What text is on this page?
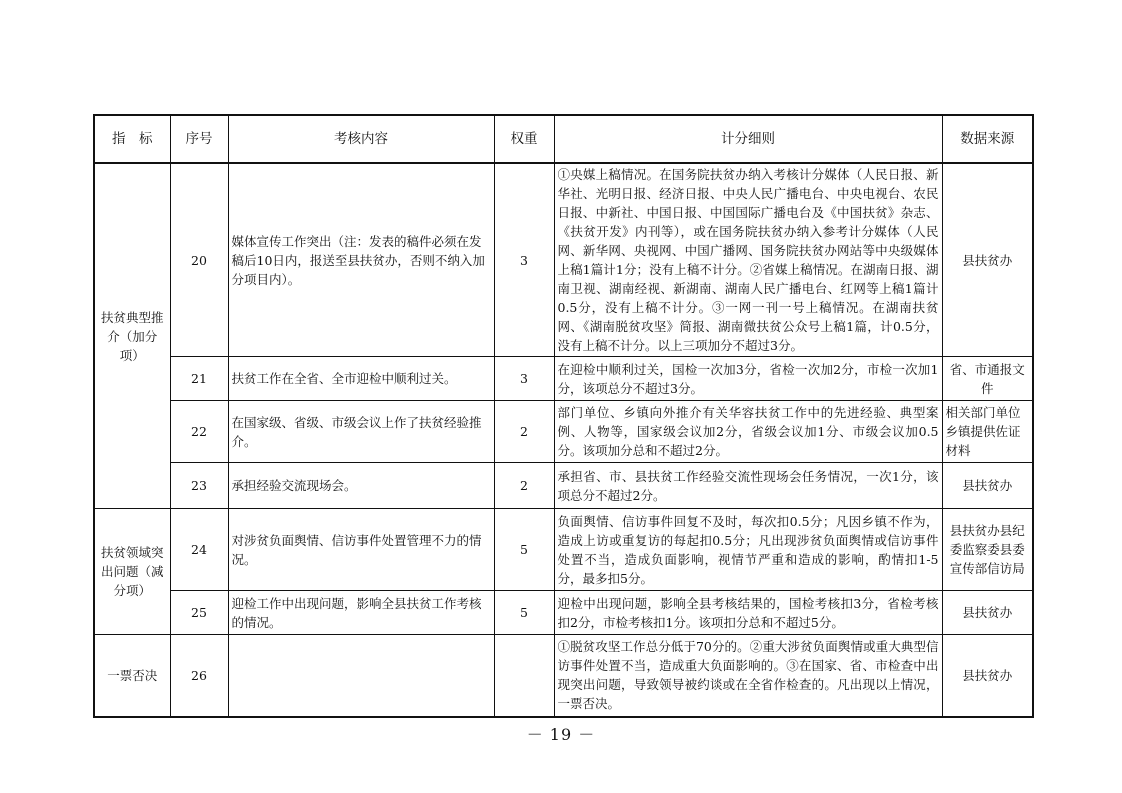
指　标	序号	考核内容	权重	计分细则	数据来源

扶贫典型推介（加分项）	20	媒体宣传工作突出（注：发表的稿件必须在发稿后10日内，报送至县扶贫办，否则不纳入加分项目内）。	3	①央媒上稿情况。在国务院扶贫办纳入考核计分媒体（人民日报、新华社、光明日报、经济日报、中央人民广播电台、中央电视台、农民日报、中新社、中国日报、中国国际广播电台及《中国扶贫》杂志、《扶贫开发》内刊等），或在国务院扶贫办纳入参考计分媒体（人民网、新华网、央视网、中国广播网、国务院扶贫办网站等中央级媒体上稿1篇计1分；没有上稿不计分。②省媒上稿情况。在湖南日报、湖南卫视、湖南经视、新湖南、湖南人民广播电台、红网等上稿1篇计0.5分，没有上稿不计分。③一网一刊一号上稿情况。在湖南扶贫网、《湖南脱贫攻坚》简报、湖南微扶贫公众号上稿1篇，计0.5分，没有上稿不计分。以上三项加分不超过3分。	县扶贫办
	21	扶贫工作在全省、全市迎检中顺利过关。	3	在迎检中顺利过关，国检一次加3分，省检一次加2分，市检一次加1分，该项总分不超过3分。	省、市通报文件
	22	在国家级、省级、市级会议上作了扶贫经验推介。	2	部门单位、乡镇向外推介有关华容扶贫工作中的先进经验、典型案例、人物等，国家级会议加2分，省级会议加1分、市级会议加0.5分。该项加分总和不超过2分。	相关部门单位乡镇提供佐证材料
	23	承担经验交流现场会。	2	承担省、市、县扶贫工作经验交流性现场会任务情况，一次1分，该项总分不超过2分。	县扶贫办

扶贫领域突出问题（减分项）	24	对涉贫负面舆情、信访事件处置管理不力的情况。	5	负面舆情、信访事件回复不及时，每次扣0.5分；凡因乡镇不作为，造成上访或重复访的每起扣0.5分；凡出现涉贫负面舆情或信访事件处置不当，造成负面影响，视情节严重和造成的影响，酌情扣1-5分，最多扣5分。	县扶贫办县纪委监察委县委宣传部信访局
	25	迎检工作中出现问题，影响全县扶贫工作考核的情况。	5	迎检中出现问题，影响全县考核结果的，国检考核扣3分，省检考核扣2分，市检考核扣1分。该项扣分总和不超过5分。	县扶贫办
一票否决	26			①脱贫攻坚工作总分低于70分的。②重大涉贫负面舆情或重大典型信访事件处置不当，造成重大负面影响的。③在国家、省、市检查中出现突出问题，导致领导被约谈或在全省作检查的。凡出现以上情况，一票否决。	县扶贫办
－ 19 －
